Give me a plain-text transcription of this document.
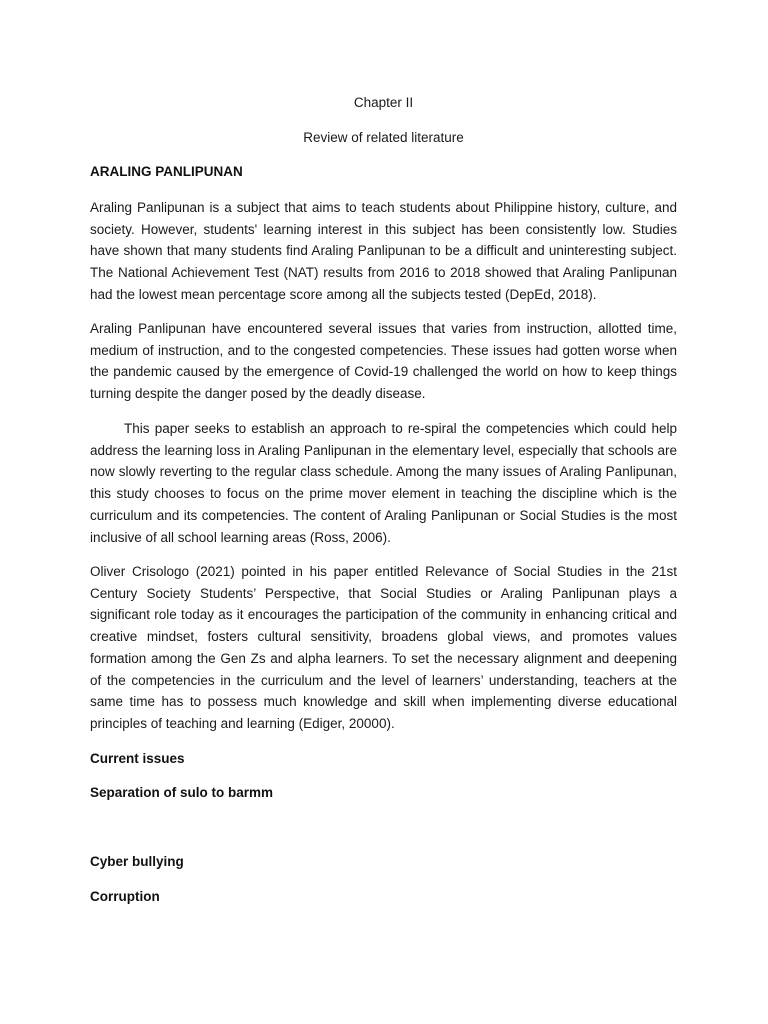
Chapter II
Review of related literature
ARALING PANLIPUNAN

Araling Panlipunan is a subject that aims to teach students about Philippine history, culture, and society. However, students' learning interest in this subject has been consistently low. Studies have shown that many students find Araling Panlipunan to be a difficult and uninteresting subject. The National Achievement Test (NAT) results from 2016 to 2018 showed that Araling Panlipunan had the lowest mean percentage score among all the subjects tested (DepEd, 2018).

Araling Panlipunan have encountered several issues that varies from instruction, allotted time, medium of instruction, and to the congested competencies. These issues had gotten worse when the pandemic caused by the emergence of Covid-19 challenged the world on how to keep things turning despite the danger posed by the deadly disease.

This paper seeks to establish an approach to re-spiral the competencies which could help address the learning loss in Araling Panlipunan in the elementary level, especially that schools are now slowly reverting to the regular class schedule. Among the many issues of Araling Panlipunan, this study chooses to focus on the prime mover element in teaching the discipline which is the curriculum and its competencies. The content of Araling Panlipunan or Social Studies is the most inclusive of all school learning areas (Ross, 2006).

Oliver Crisologo (2021) pointed in his paper entitled Relevance of Social Studies in the 21st Century Society Students’ Perspective, that Social Studies or Araling Panlipunan plays a significant role today as it encourages the participation of the community in enhancing critical and creative mindset, fosters cultural sensitivity, broadens global views, and promotes values formation among the Gen Zs and alpha learners. To set the necessary alignment and deepening of the competencies in the curriculum and the level of learners’ understanding, teachers at the same time has to possess much knowledge and skill when implementing diverse educational principles of teaching and learning (Ediger, 20000).

Current issues
Separation of sulo to barmm
Cyber bullying
Corruption
